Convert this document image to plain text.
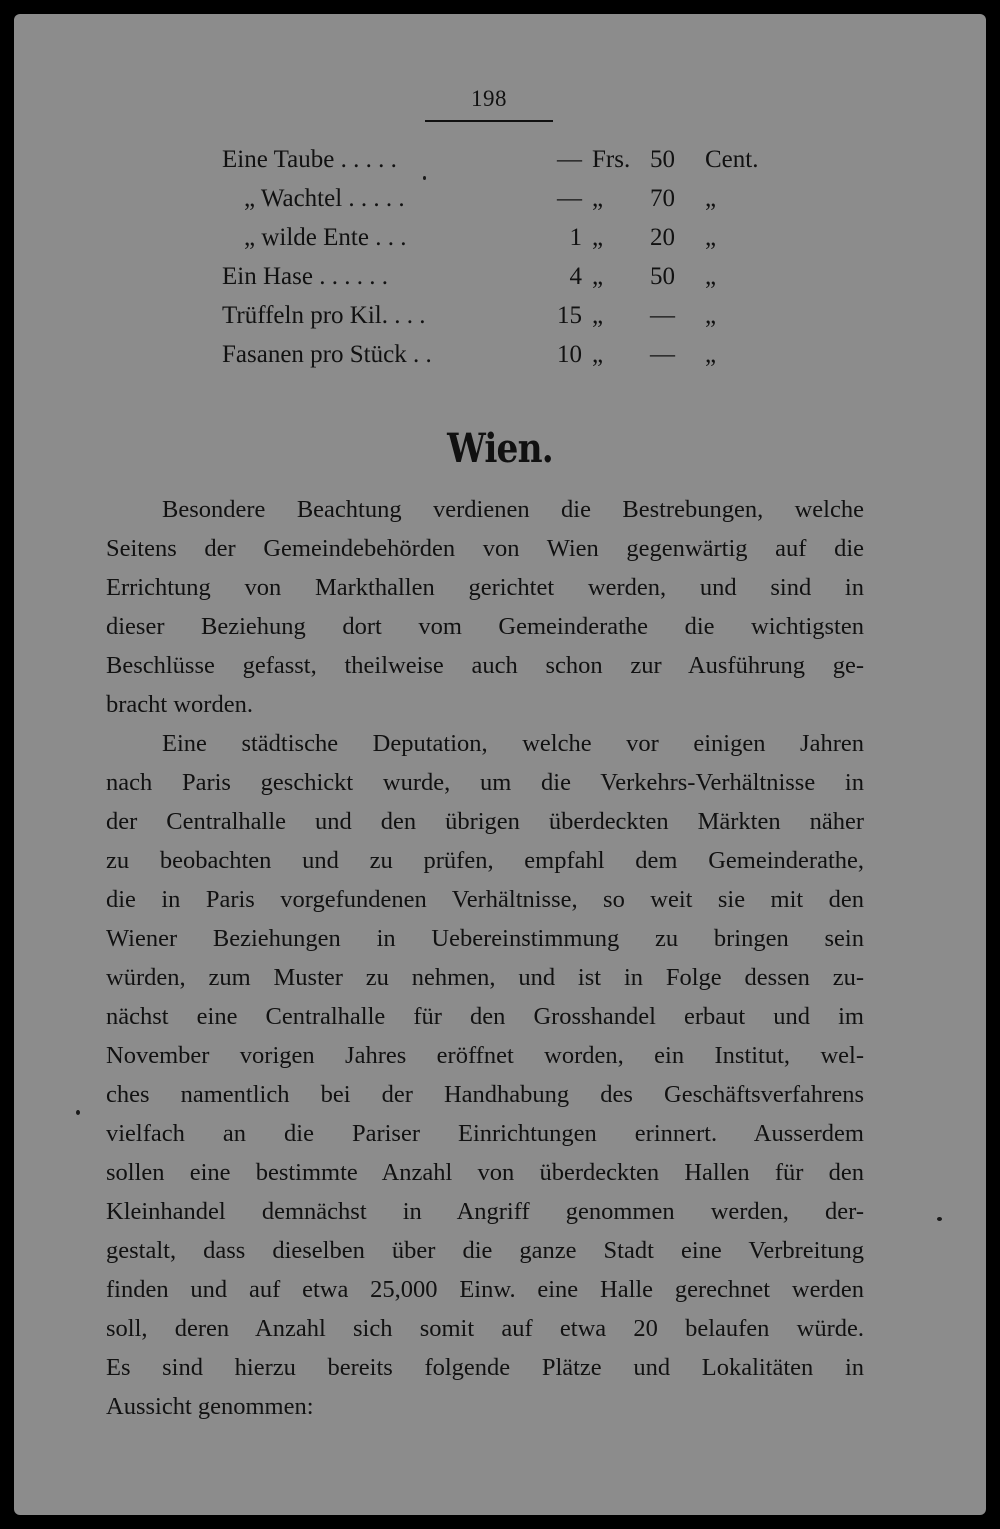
198
Eine Taube . . . . .	— Frs. 50 Cent.
„ Wachtel . . . . .	— „ 70 „
„ wilde Ente . . .	1 „ 20 „
Ein Hase . . . . . .	4 „ 50 „
Trüffeln pro Kil. . . .	15 „ — „
Fasanen pro Stück . .	10 „ — „
Wien.
Besondere Beachtung verdienen die Bestrebungen, welche
Seitens der Gemeindebehörden von Wien gegenwärtig auf die
Errichtung von Markthallen gerichtet werden, und sind in
dieser Beziehung dort vom Gemeinderathe die wichtigsten
Beschlüsse gefasst, theilweise auch schon zur Ausführung ge-
bracht worden.
Eine städtische Deputation, welche vor einigen Jahren
nach Paris geschickt wurde, um die Verkehrs-Verhältnisse in
der Centralhalle und den übrigen überdeckten Märkten näher
zu beobachten und zu prüfen, empfahl dem Gemeinderathe,
die in Paris vorgefundenen Verhältnisse, so weit sie mit den
Wiener Beziehungen in Uebereinstimmung zu bringen sein
würden, zum Muster zu nehmen, und ist in Folge dessen zu-
nächst eine Centralhalle für den Grosshandel erbaut und im
November vorigen Jahres eröffnet worden, ein Institut, wel-
ches namentlich bei der Handhabung des Geschäftsverfahrens
vielfach an die Pariser Einrichtungen erinnert. Ausserdem
sollen eine bestimmte Anzahl von überdeckten Hallen für den
Kleinhandel demnächst in Angriff genommen werden, der-
gestalt, dass dieselben über die ganze Stadt eine Verbreitung
finden und auf etwa 25,000 Einw. eine Halle gerechnet werden
soll, deren Anzahl sich somit auf etwa 20 belaufen würde.
Es sind hierzu bereits folgende Plätze und Lokalitäten in
Aussicht genommen:
